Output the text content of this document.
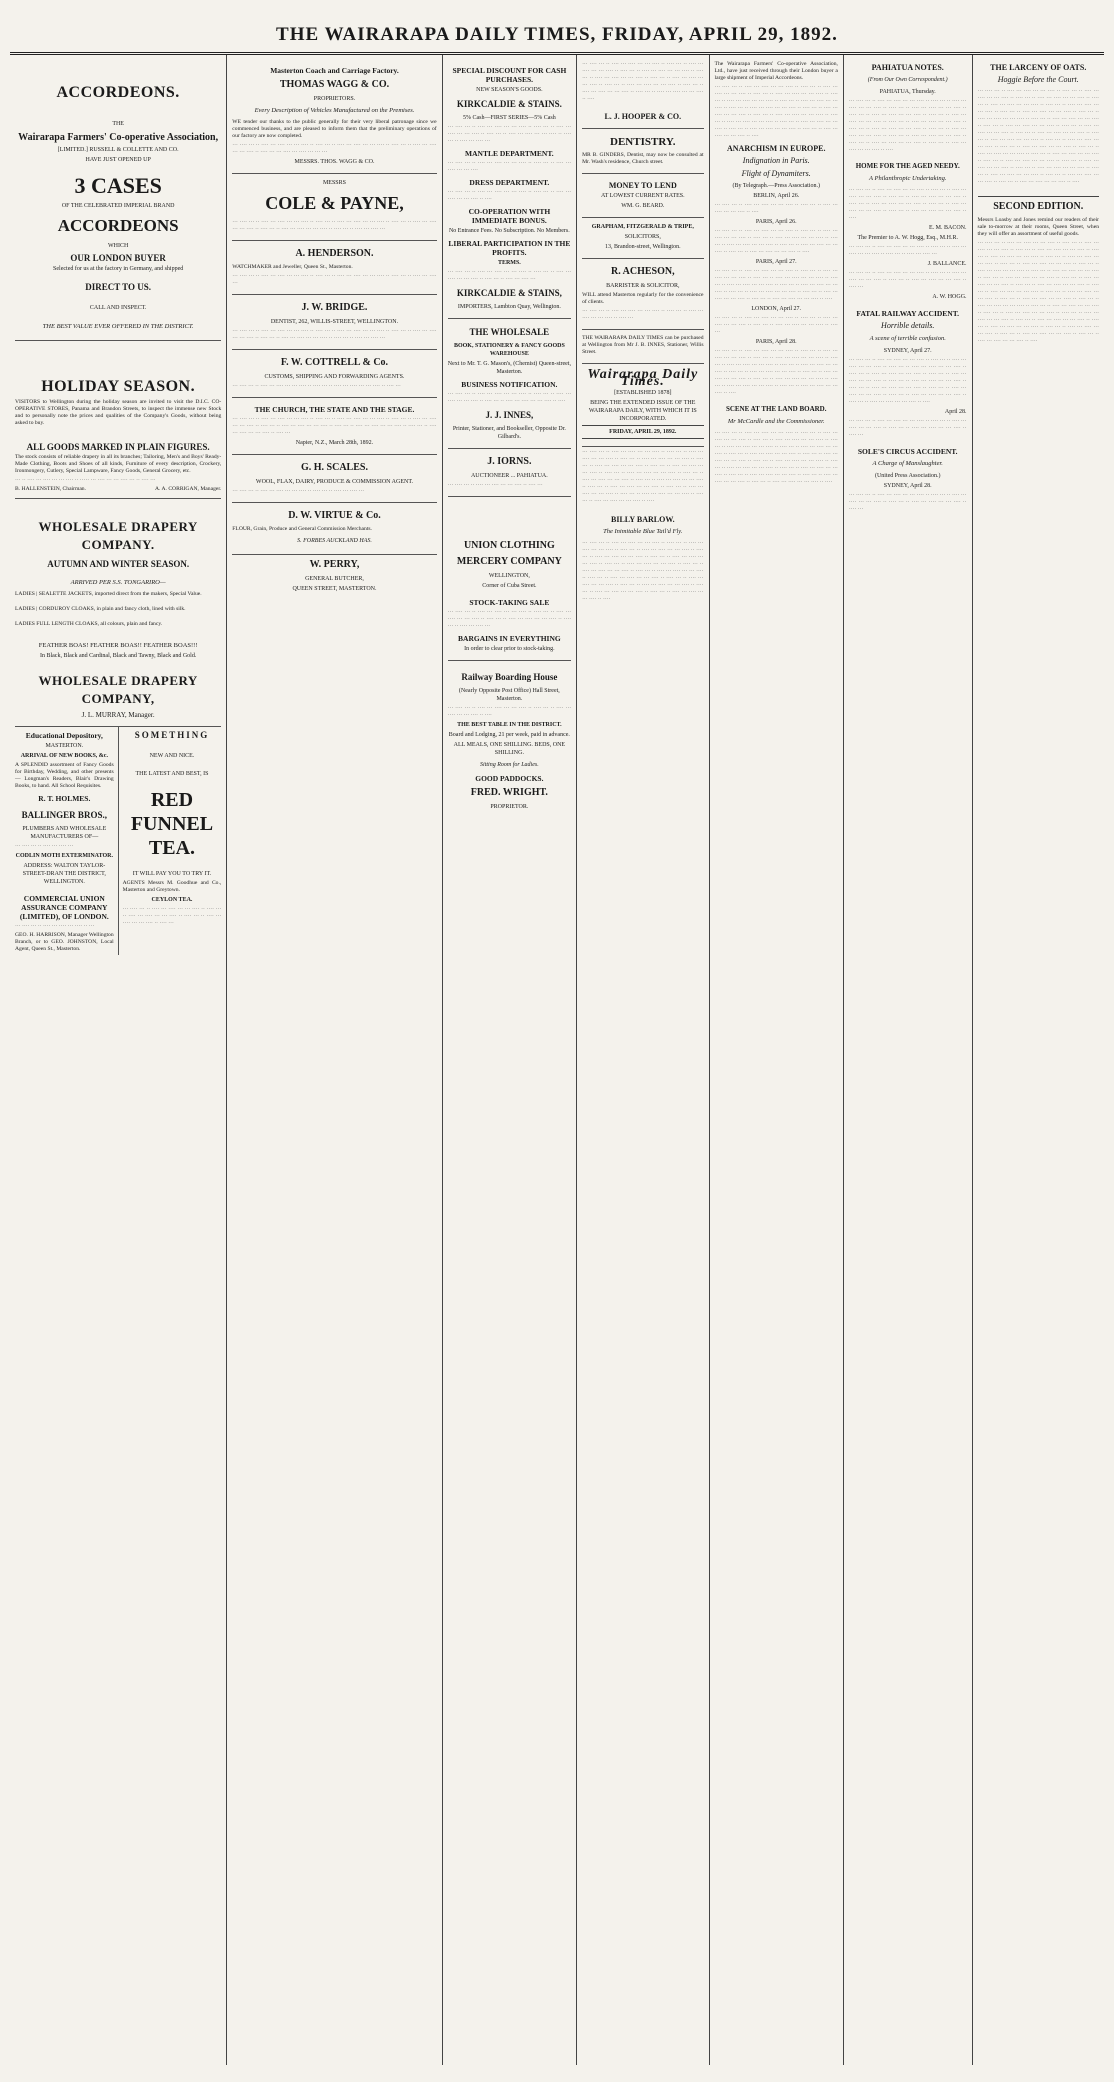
THE WAIRARAPA DAILY TIMES, FRIDAY, APRIL 29, 1892.
ACCORDEONS.
THE
Wairarapa Farmers' Co-operative Association,
[LIMITED.] RUSSELL & COLLETTE AND CO.
HAVE JUST OPENED UP
3 CASES
OF THE CELEBRATED IMPERIAL BRAND
ACCORDEONS
WHICH
OUR LONDON BUYER
Selected for us at the factory in Germany, and shipped
DIRECT TO US.
CALL AND INSPECT.
THE BEST VALUE EVER OFFERED IN THE DISTRICT.
HOLIDAY SEASON.

VISITORS to Wellington during the holiday season are invited to visit the D.I.C. CO-OPERATIVE STORES, Panama and Brandon Streets, to inspect the immense new Stock and to personally note the prices and qualities of the Company's Goods, without being asked to buy.

ALL GOODS MARKED IN PLAIN FIGURES.

The stock consists of reliable drapery in all its branches; Tailoring, Men's and Boys' Ready-Made Clothing, Boots and Shoes of all kinds, Furniture of every description, Crockery, Ironmongery, Cutlery, Special Lampware, Fancy Goods, General Grocery, etc.

··· ·· ···· ··· ···· ··· ··· ···· ·· ····· ··· ···· ··· ··· ···· ··· ·· ···· ···

B. HALLENSTEIN, Chairman.	A. A. CORRIGAN, Manager.
WHOLESALE DRAPERY COMPANY.
AUTUMN AND WINTER SEASON.
ARRIVED PER S.S. TONGARIRO—

LADIES | SEALETTE JACKETS, imported direct from the makers, Special Value.

LADIES | CORDUROY CLOAKS, in plain and fancy cloth, lined with silk.

LADIES FULL LENGTH CLOAKS, all colours, plain and fancy.

FEATHER BOAS! FEATHER BOAS!! FEATHER BOAS!!!
In Black, Black and Cardinal, Black and Tawny, Black and Gold.
WHOLESALE DRAPERY COMPANY,
J. L. MURRAY, Manager.
Educational Depository,
MASTERTON.
ARRIVAL OF NEW BOOKS, &c.

A SPLENDID assortment of Fancy Goods for Birthday, Wedding, and other presents— Longman's Readers, Blair's Drawing Books, to hand. All School Requisites.

R. T. HOLMES.
BALLINGER BROS.,
PLUMBERS AND WHOLESALE MANUFACTURERS OF—

··· ···· ··· ·· ···· ··· ···· ···

CODLIN MOTH EXTERMINATOR.
ADDRESS: WALTON TAYLOR-STREET-DRAN THE DISTRICT, WELLINGTON.
COMMERCIAL UNION ASSURANCE COMPANY (LIMITED), OF LONDON.

··· ···· ··· ·· ···· ··· ···· ··· ···· ·· ···

GEO. H. HARRISON, Manager Wellington Branch, or to GEO. JOHNSTON, Local Agent, Queen St., Masterton.

SOMETHING
NEW AND NICE.
THE LATEST AND BEST, IS
RED FUNNEL TEA.
IT WILL PAY YOU TO TRY IT.

AGENTS Messrs M. Goodhue and Co., Masterton and Greytown.

CEYLON TEA.

··· ···· ··· ·· ···· ··· ···· ··· ··· ···· ·· ···· ··· ·· ···· ··· ···· ··· ··· ···· ·· ···· ··· ·· ···· ··· ···· ··· ··· ···· ·· ···· ···

Masterton Coach and Carriage Factory.
THOMAS WAGG & CO.
PROPRIETORS.
Every Description of Vehicles Manufactured on the Premises.

WE tender our thanks to the public generally for their very liberal patronage since we commenced business, and are pleased to inform them that the preliminary operations of our factory are now completed.

··· ···· ··· ·· ···· ··· ···· ··· ··· ···· ·· ···· ··· ·· ···· ··· ···· ··· ··· ···· ·· ···· ··· ·· ···· ··· ···· ··· ··· ···· ·· ···· ··· ··· ···· ··· ···· ··· ··· ···

MESSRS. THOS. WAGG & CO.
MESSRS
COLE & PAYNE,

··· ···· ··· ·· ···· ··· ···· ··· ··· ···· ·· ···· ··· ·· ···· ··· ···· ··· ··· ···· ·· ···· ··· ·· ···· ··· ···· ··· ··· ···· ·· ···· ··· ·· ···· ··· ···· ··· ··· ···· ·· ···· ··· ·· ···· ··· ···· ···

A. HENDERSON.

WATCHMAKER and Jeweller, Queen St., Masterton.

··· ···· ··· ·· ···· ··· ···· ··· ··· ···· ·· ···· ··· ·· ···· ··· ···· ··· ··· ···· ·· ···· ··· ·· ···· ··· ···· ···

J. W. BRIDGE.
DENTIST, 262, WILLIS-STREET, WELLINGTON.

··· ···· ··· ·· ···· ··· ···· ··· ··· ···· ·· ···· ··· ·· ···· ··· ···· ··· ··· ···· ·· ···· ··· ·· ···· ··· ···· ··· ··· ···· ·· ···· ··· ·· ···· ··· ···· ··· ··· ···· ·· ···· ··· ·· ···· ··· ···· ···

F. W. COTTRELL & Co.
CUSTOMS, SHIPPING AND FORWARDING AGENTS.

··· ···· ··· ·· ···· ··· ···· ··· ··· ···· ·· ···· ··· ·· ···· ··· ···· ··· ··· ···· ·· ···· ···

THE CHURCH, THE STATE AND THE STAGE.

··· ···· ··· ·· ···· ··· ···· ··· ··· ···· ·· ···· ··· ·· ···· ··· ···· ··· ··· ···· ·· ···· ··· ·· ···· ··· ···· ··· ··· ···· ·· ···· ··· ·· ···· ··· ···· ··· ··· ···· ·· ···· ··· ·· ···· ··· ···· ··· ··· ···· ·· ···· ··· ·· ···· ··· ···· ··· ··· ···· ·· ···· ···

Napier, N.Z., March 28th, 1892.
G. H. SCALES.
WOOL, FLAX, DAIRY, PRODUCE & COMMISSION AGENT.

··· ···· ··· ·· ···· ··· ···· ··· ··· ···· ·· ···· ··· ·· ···· ··· ···· ···

D. W. VIRTUE & Co.

FLOUR, Grain, Produce and General Commission Merchants.

S. FORBES AUCKLAND HAS.
W. PERRY,
GENERAL BUTCHER,
QUEEN STREET, MASTERTON.
SPECIAL DISCOUNT FOR CASH PURCHASES.
NEW SEASON'S GOODS.
KIRKCALDIE & STAINS.
5% Cash—FIRST SERIES—5% Cash

··· ···· ··· ·· ···· ··· ···· ··· ··· ···· ·· ···· ··· ·· ···· ··· ···· ··· ··· ···· ·· ···· ··· ·· ···· ··· ···· ··· ··· ···· ·· ···· ··· ·· ···· ··· ···· ···

MANTLE DEPARTMENT.

··· ···· ··· ·· ···· ··· ···· ··· ··· ···· ·· ···· ··· ·· ···· ··· ···· ··· ··· ····

DRESS DEPARTMENT.

··· ···· ··· ·· ···· ··· ···· ··· ··· ···· ·· ···· ··· ·· ···· ··· ···· ··· ··· ···· ·· ····

CO-OPERATION WITH IMMEDIATE BONUS.
No Entrance Fees. No Subscription. No Members.
LIBERAL PARTICIPATION IN THE PROFITS.
TERMS.

··· ···· ··· ·· ···· ··· ···· ··· ··· ···· ·· ···· ··· ·· ···· ··· ···· ··· ··· ···· ·· ···· ··· ·· ···· ··· ···· ···

KIRKCALDIE & STAINS,
IMPORTERS, Lambton Quay, Wellington.
THE WHOLESALE
BOOK, STATIONERY & FANCY GOODS WAREHOUSE
Next to Mr. T. G. Mason's, (Chemist) Queen-street, Masterton.
BUSINESS NOTIFICATION.

··· ···· ··· ·· ···· ··· ···· ··· ··· ···· ·· ···· ··· ·· ···· ··· ···· ··· ··· ···· ·· ···· ··· ·· ···· ··· ···· ··· ··· ···· ·· ····

J. J. INNES,
Printer, Stationer, and Bookseller, Opposite Dr. Gilbard's.
J. IORNS.
AUCTIONEER ... PAHIATUA.

··· ···· ··· ·· ···· ··· ···· ··· ··· ···· ·· ···· ···

UNION CLOTHING
MERCERY COMPANY
WELLINGTON,
Corner of Cuba Street.
STOCK-TAKING SALE

··· ···· ··· ·· ···· ··· ···· ··· ··· ···· ·· ···· ··· ·· ···· ··· ···· ··· ··· ···· ·· ···· ··· ·· ···· ··· ···· ··· ··· ···· ·· ···· ··· ·· ···· ··· ···· ···

BARGAINS IN EVERYTHING
In order to clear prior to stock-taking.
Railway Boarding House
(Nearly Opposite Post Office) Hall Street, Masterton.

··· ···· ··· ·· ···· ··· ···· ··· ··· ···· ·· ···· ··· ·· ···· ··· ···· ··· ··· ···· ·· ····

THE BEST TABLE IN THE DISTRICT.
Board and Lodging, 21 per week, paid in advance.
ALL MEALS, ONE SHILLING. BEDS, ONE SHILLING.
Sitting Room for Ladies.
GOOD PADDOCKS.
FRED. WRIGHT.
PROPRIETOR.

··· ···· ··· ·· ···· ··· ···· ··· ··· ···· ·· ···· ··· ·· ···· ··· ···· ··· ··· ···· ·· ···· ··· ·· ···· ··· ···· ··· ··· ···· ·· ···· ··· ·· ···· ··· ···· ··· ··· ···· ·· ···· ··· ·· ···· ··· ···· ··· ··· ···· ·· ···· ··· ·· ···· ··· ···· ··· ··· ···· ·· ···· ··· ·· ···· ··· ···· ··· ··· ···· ·· ···· ··· ·· ···· ··· ···· ··· ··· ···· ·· ····

L. J. HOOPER & CO.
DENTISTRY.

MR B. GINDERS, Dentist, may now be consulted at Mr. Wash's residence, Church street.

MONEY TO LEND
AT LOWEST CURRENT RATES.
WM. G. BEARD.
GRAPHAM, FITZGERALD & TRIPE,
SOLICITORS,
13, Brandon-street, Wellington.
R. ACHESON,
BARRISTER & SOLICITOR,

WILL attend Masterton regularly for the convenience of clients.

··· ···· ··· ·· ···· ··· ···· ··· ··· ···· ·· ···· ··· ·· ···· ··· ···· ··· ··· ···· ·· ···· ···

THE WAIRARAPA DAILY TIMES can be purchased at Wellington from Mr J. B. INNES, Stationer, Willis Street.

Wairarapa Daily Times.
[ESTABLISHED 1878]
BEING THE EXTENDED ISSUE OF THE WAIRARAPA DAILY, WITH WHICH IT IS INCORPORATED.
FRIDAY, APRIL 29, 1892.

··· ···· ··· ·· ···· ··· ···· ··· ··· ···· ·· ···· ··· ·· ···· ··· ···· ··· ··· ···· ·· ···· ··· ·· ···· ··· ···· ··· ··· ···· ·· ···· ··· ·· ···· ··· ···· ··· ··· ···· ·· ···· ··· ·· ···· ··· ···· ··· ··· ···· ·· ···· ··· ·· ···· ··· ···· ··· ··· ···· ·· ···· ··· ·· ···· ··· ···· ··· ··· ···· ·· ···· ··· ·· ···· ··· ···· ··· ··· ···· ·· ···· ··· ·· ···· ··· ···· ··· ··· ···· ·· ···· ··· ·· ···· ··· ···· ··· ··· ···· ·· ···· ··· ·· ···· ··· ···· ··· ··· ···· ·· ···· ··· ·· ···· ··· ···· ··· ··· ···· ·· ····

BILLY BARLOW.
The Inimitable Blue Tail'd Fly.

··· ···· ··· ·· ···· ··· ···· ··· ··· ···· ·· ···· ··· ·· ···· ··· ···· ··· ··· ···· ·· ···· ··· ·· ···· ··· ···· ··· ··· ···· ·· ···· ··· ·· ···· ··· ···· ··· ··· ···· ·· ···· ··· ·· ···· ··· ···· ··· ··· ···· ·· ···· ··· ·· ···· ··· ···· ··· ··· ···· ·· ···· ··· ·· ···· ··· ···· ··· ··· ···· ·· ···· ··· ·· ···· ··· ···· ··· ··· ···· ·· ···· ··· ·· ···· ··· ···· ··· ··· ···· ·· ···· ··· ·· ···· ··· ···· ··· ··· ···· ·· ···· ··· ·· ···· ··· ···· ··· ··· ···· ·· ···· ··· ·· ···· ··· ···· ··· ··· ···· ·· ···· ··· ·· ···· ··· ···· ··· ··· ···· ·· ····

The Wairarapa Farmers' Co-operative Association, Ltd., have just received through their London buyer a large shipment of Imperial Accordeons.

··· ···· ··· ·· ···· ··· ···· ··· ··· ···· ·· ···· ··· ·· ···· ··· ···· ··· ··· ···· ·· ···· ··· ·· ···· ··· ···· ··· ··· ···· ·· ···· ··· ·· ···· ··· ···· ··· ··· ···· ·· ···· ··· ·· ···· ··· ···· ··· ··· ···· ·· ···· ··· ·· ···· ··· ···· ··· ··· ···· ·· ···· ··· ·· ···· ··· ···· ··· ··· ···· ·· ···· ··· ·· ···· ··· ···· ··· ··· ···· ·· ···· ··· ·· ···· ··· ···· ··· ··· ···· ·· ···· ··· ·· ···· ··· ···· ··· ··· ···· ·· ···· ··· ·· ···· ··· ···· ··· ··· ···· ·· ···· ··· ·· ···· ··· ···· ··· ··· ···· ·· ····

ANARCHISM IN EUROPE.
Indignation in Paris.
Flight of Dynamiters.
(By Telegraph.—Press Association.)
BERLIN, April 26.

··· ···· ··· ·· ···· ··· ···· ··· ··· ···· ·· ···· ··· ·· ···· ··· ···· ··· ··· ···· ·· ····

PARIS, April 26.

··· ···· ··· ·· ···· ··· ···· ··· ··· ···· ·· ···· ··· ·· ···· ··· ···· ··· ··· ···· ·· ···· ··· ·· ···· ··· ···· ··· ··· ···· ·· ···· ··· ·· ···· ··· ···· ··· ··· ···· ·· ···· ··· ·· ···· ··· ···· ··· ··· ···· ·· ···· ··· ·· ···· ··· ···· ··· ··· ···· ·· ····

PARIS, April 27.

··· ···· ··· ·· ···· ··· ···· ··· ··· ···· ·· ···· ··· ·· ···· ··· ···· ··· ··· ···· ·· ···· ··· ·· ···· ··· ···· ··· ··· ···· ·· ···· ··· ·· ···· ··· ···· ··· ··· ···· ·· ···· ··· ·· ···· ··· ···· ··· ··· ···· ·· ···· ··· ·· ···· ··· ···· ··· ··· ···· ·· ···· ··· ·· ···· ··· ···· ··· ··· ···· ·· ···· ··· ·· ···· ··· ···· ··· ··· ···· ·· ····

LONDON, April 27.

··· ···· ··· ·· ···· ··· ···· ··· ··· ···· ·· ···· ··· ·· ···· ··· ···· ··· ··· ···· ·· ···· ··· ·· ···· ··· ···· ··· ··· ···· ·· ···· ···

PARIS, April 28.

··· ···· ··· ·· ···· ··· ···· ··· ··· ···· ·· ···· ··· ·· ···· ··· ···· ··· ··· ···· ·· ···· ··· ·· ···· ··· ···· ··· ··· ···· ·· ···· ··· ·· ···· ··· ···· ··· ··· ···· ·· ···· ··· ·· ···· ··· ···· ··· ··· ···· ·· ···· ··· ·· ···· ··· ···· ··· ··· ···· ·· ···· ··· ·· ···· ··· ···· ··· ··· ···· ·· ···· ··· ·· ···· ··· ···· ··· ··· ···· ·· ···· ··· ·· ···· ··· ···· ··· ··· ···· ·· ···· ··· ·· ···· ··· ···· ··· ··· ···· ·· ····

SCENE AT THE LAND BOARD.
Mr McCardle and the Commissioner.

··· ···· ··· ·· ···· ··· ···· ··· ··· ···· ·· ···· ··· ·· ···· ··· ···· ··· ··· ···· ·· ···· ··· ·· ···· ··· ···· ··· ··· ···· ·· ···· ··· ·· ···· ··· ···· ··· ··· ···· ·· ···· ··· ·· ···· ··· ···· ··· ··· ···· ·· ···· ··· ·· ···· ··· ···· ··· ··· ···· ·· ···· ··· ·· ···· ··· ···· ··· ··· ···· ·· ···· ··· ·· ···· ··· ···· ··· ··· ···· ·· ···· ··· ·· ···· ··· ···· ··· ··· ···· ·· ···· ··· ·· ···· ··· ···· ··· ··· ···· ·· ···· ··· ·· ···· ··· ···· ··· ··· ···· ·· ···· ··· ·· ···· ··· ···· ··· ··· ···· ·· ···· ··· ·· ···· ··· ···· ··· ··· ···· ·· ····

PAHIATUA NOTES.
(From Our Own Correspondent.)
PAHIATUA, Thursday.

··· ···· ··· ·· ···· ··· ···· ··· ··· ···· ·· ···· ··· ·· ···· ··· ···· ··· ··· ···· ·· ···· ··· ·· ···· ··· ···· ··· ··· ···· ·· ···· ··· ·· ···· ··· ···· ··· ··· ···· ·· ···· ··· ·· ···· ··· ···· ··· ··· ···· ·· ···· ··· ·· ···· ··· ···· ··· ··· ···· ·· ···· ··· ·· ···· ··· ···· ··· ··· ···· ·· ···· ··· ·· ···· ··· ···· ··· ··· ···· ·· ···· ··· ·· ···· ··· ···· ··· ··· ···· ·· ···· ··· ·· ···· ··· ···· ··· ··· ···· ·· ···· ··· ·· ···· ··· ···· ··· ··· ···· ·· ····

HOME FOR THE AGED NEEDY.
A Philanthropic Undertaking.

··· ···· ··· ·· ···· ··· ···· ··· ··· ···· ·· ···· ··· ·· ···· ··· ···· ··· ··· ···· ·· ···· ··· ·· ···· ··· ···· ··· ··· ···· ·· ···· ··· ·· ···· ··· ···· ··· ··· ···· ·· ···· ··· ·· ···· ··· ···· ··· ··· ···· ·· ···· ··· ·· ···· ··· ···· ··· ··· ···· ·· ····

E. M. BACON.
The Premier to A. W. Hogg, Esq., M.H.R.

··· ···· ··· ·· ···· ··· ···· ··· ··· ···· ·· ···· ··· ·· ···· ··· ···· ··· ··· ···· ·· ···· ··· ·· ···· ··· ···· ···

J. BALLANCE.

··· ···· ··· ·· ···· ··· ···· ··· ··· ···· ·· ···· ··· ·· ···· ··· ···· ··· ··· ···· ·· ···· ··· ·· ···· ··· ···· ··· ··· ···· ·· ···· ···

A. W. HOGG.
FATAL RAILWAY ACCIDENT.
Horrible details.
A scene of terrible confusion.
SYDNEY, April 27.

··· ···· ··· ·· ···· ··· ···· ··· ··· ···· ·· ···· ··· ·· ···· ··· ···· ··· ··· ···· ·· ···· ··· ·· ···· ··· ···· ··· ··· ···· ·· ···· ··· ·· ···· ··· ···· ··· ··· ···· ·· ···· ··· ·· ···· ··· ···· ··· ··· ···· ·· ···· ··· ·· ···· ··· ···· ··· ··· ···· ·· ···· ··· ·· ···· ··· ···· ··· ··· ···· ·· ···· ··· ·· ···· ··· ···· ··· ··· ···· ·· ···· ··· ·· ···· ··· ···· ··· ··· ···· ·· ···· ··· ·· ···· ··· ···· ··· ··· ···· ·· ····

April 28.

··· ···· ··· ·· ···· ··· ···· ··· ··· ···· ·· ···· ··· ·· ···· ··· ···· ··· ··· ···· ·· ···· ··· ·· ···· ··· ···· ··· ··· ···· ·· ···· ···

SOLE'S CIRCUS ACCIDENT.
A Charge of Manslaughter.
(United Press Association.)
SYDNEY, April 28.

··· ···· ··· ·· ···· ··· ···· ··· ··· ···· ·· ···· ··· ·· ···· ··· ···· ··· ··· ···· ·· ···· ··· ·· ···· ··· ···· ··· ··· ···· ·· ···· ···

THE LARCENY OF OATS.
Hoggie Before the Court.

··· ···· ··· ·· ···· ··· ···· ··· ··· ···· ·· ···· ··· ·· ···· ··· ···· ··· ··· ···· ·· ···· ··· ·· ···· ··· ···· ··· ··· ···· ·· ···· ··· ·· ···· ··· ···· ··· ··· ···· ·· ···· ··· ·· ···· ··· ···· ··· ··· ···· ·· ···· ··· ·· ···· ··· ···· ··· ··· ···· ·· ···· ··· ·· ···· ··· ···· ··· ··· ···· ·· ···· ··· ·· ···· ··· ···· ··· ··· ···· ·· ···· ··· ·· ···· ··· ···· ··· ··· ···· ·· ···· ··· ·· ···· ··· ···· ··· ··· ···· ·· ···· ··· ·· ···· ··· ···· ··· ··· ···· ·· ···· ··· ·· ···· ··· ···· ··· ··· ···· ·· ···· ··· ·· ···· ··· ···· ··· ··· ···· ·· ···· ··· ·· ···· ··· ···· ··· ··· ···· ·· ···· ··· ·· ···· ··· ···· ··· ··· ···· ·· ···· ··· ·· ···· ··· ···· ··· ··· ···· ·· ···· ··· ·· ···· ··· ···· ··· ··· ···· ·· ···· ··· ·· ···· ··· ···· ··· ··· ···· ·· ···· ··· ·· ···· ··· ···· ··· ··· ···· ·· ···· ··· ·· ···· ··· ···· ··· ··· ···· ·· ···· ··· ·· ···· ··· ···· ··· ··· ···· ·· ···· ··· ·· ···· ··· ···· ··· ··· ···· ·· ····

SECOND EDITION.

Messrs Loasby and Jones remind our readers of their sale to-morrow at their rooms, Queen Street, when they will offer an assortment of useful goods.

··· ···· ··· ·· ···· ··· ···· ··· ··· ···· ·· ···· ··· ·· ···· ··· ···· ··· ··· ···· ·· ···· ··· ·· ···· ··· ···· ··· ··· ···· ·· ···· ··· ·· ···· ··· ···· ··· ··· ···· ·· ···· ··· ·· ···· ··· ···· ··· ··· ···· ·· ···· ··· ·· ···· ··· ···· ··· ··· ···· ·· ···· ··· ·· ···· ··· ···· ··· ··· ···· ·· ···· ··· ·· ···· ··· ···· ··· ··· ···· ·· ···· ··· ·· ···· ··· ···· ··· ··· ···· ·· ···· ··· ·· ···· ··· ···· ··· ··· ···· ·· ···· ··· ·· ···· ··· ···· ··· ··· ···· ·· ···· ··· ·· ···· ··· ···· ··· ··· ···· ·· ···· ··· ·· ···· ··· ···· ··· ··· ···· ·· ···· ··· ·· ···· ··· ···· ··· ··· ···· ·· ···· ··· ·· ···· ··· ···· ··· ··· ···· ·· ···· ··· ·· ···· ··· ···· ··· ··· ···· ·· ···· ··· ·· ···· ··· ···· ··· ··· ···· ·· ···· ··· ·· ···· ··· ···· ··· ··· ···· ·· ···· ··· ·· ···· ··· ···· ··· ··· ···· ·· ···· ··· ·· ···· ··· ···· ··· ··· ···· ·· ···· ··· ·· ···· ··· ···· ··· ··· ···· ·· ···· ··· ·· ···· ··· ···· ··· ··· ···· ·· ···· ··· ·· ···· ··· ···· ··· ··· ···· ·· ····
